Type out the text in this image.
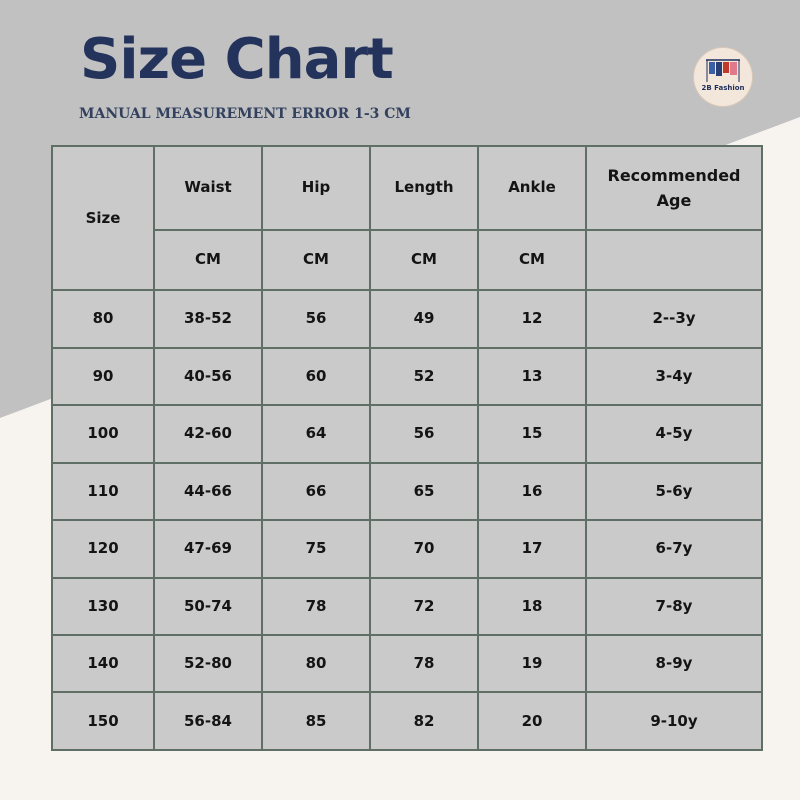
Size Chart
MANUAL MEASUREMENT ERROR 1-3 CM
2B Fashion
Size	Waist	Hip	Length	Ankle	Recommended Age
	CM	CM	CM	CM	
80	38-52	56	49	12	2--3y
90	40-56	60	52	13	3-4y
100	42-60	64	56	15	4-5y
110	44-66	66	65	16	5-6y
120	47-69	75	70	17	6-7y
130	50-74	78	72	18	7-8y
140	52-80	80	78	19	8-9y
150	56-84	85	82	20	9-10y
